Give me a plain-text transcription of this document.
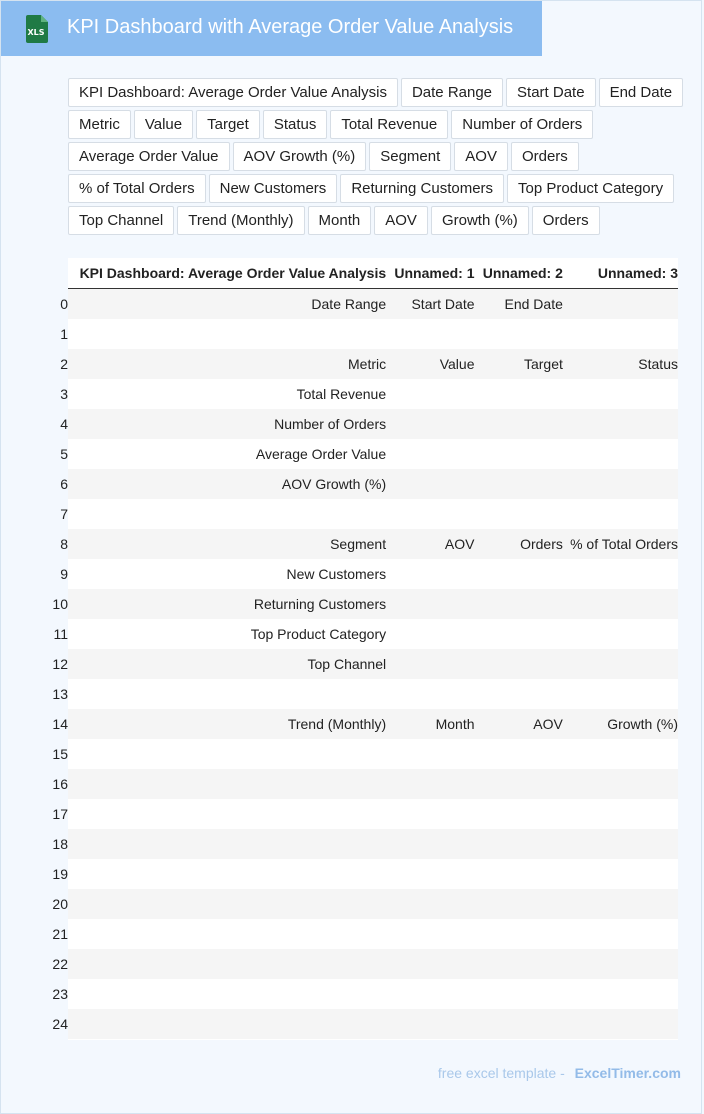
XLS KPI Dashboard with Average Order Value Analysis
KPI Dashboard: Average Order Value Analysis	Date Range	Start Date	End Date
Metric	Value	Target	Status	Total Revenue	Number of Orders
Average Order Value	AOV Growth (%)	Segment	AOV	Orders
% of Total Orders	New Customers	Returning Customers	Top Product Category
Top Channel	Trend (Monthly)	Month	AOV	Growth (%)	Orders
	KPI Dashboard: Average Order Value Analysis	Unnamed: 1	Unnamed: 2	Unnamed: 3

0	Date Range	Start Date	End Date	

1			

2	Metric	Value	Target	Status

3	Total Revenue			

4	Number of Orders			

5	Average Order Value			

6	AOV Growth (%)			

7			

8	Segment	AOV	Orders	% of Total Orders

9	New Customers			

10	Returning Customers			

11	Top Product Category			

12	Top Channel			

13			

14	Trend (Monthly)	Month	AOV	Growth (%)

15			

16			

17			

18			

19			

20			

21			

22			

23			

24			

free excel template - ExcelTimer.com
